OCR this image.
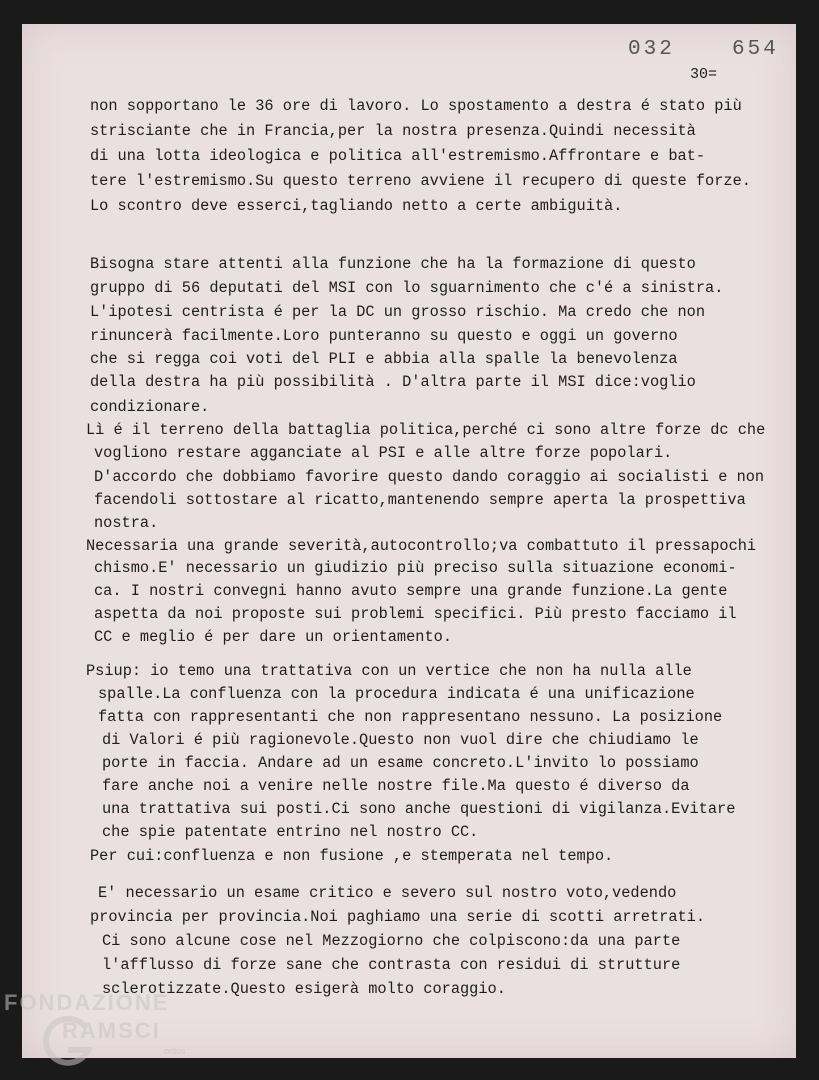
032	654
30=
non sopportano le 36 ore di lavoro. Lo spostamento a destra é stato più
strisciante che in Francia,per la nostra presenza.Quindi necessità
di una lotta ideologica e politica all'estremismo.Affrontare e bat-
tere l'estremismo.Su questo terreno avviene il recupero di queste forze.
Lo scontro deve esserci,tagliando netto a certe ambiguità.
Bisogna stare attenti alla funzione che ha la formazione di questo
gruppo di 56 deputati del MSI con lo sguarnimento che c'é a sinistra.
L'ipotesi centrista é per la DC un grosso rischio. Ma credo che non
rinuncerà facilmente.Loro punteranno su questo e oggi un governo
che si regga coi voti del PLI e abbia alla spalle la benevolenza
della destra ha più possibilità . D'altra parte il MSI dice:voglio
condizionare.
Lì é il terreno della battaglia politica,perché ci sono altre forze dc che
vogliono restare agganciate al PSI e alle altre forze popolari.
D'accordo che dobbiamo favorire questo dando coraggio ai socialisti e non
facendoli sottostare al ricatto,mantenendo sempre aperta la prospettiva
nostra.
Necessaria una grande severità,autocontrollo;va combattuto il pressapochi
chismo.E' necessario un giudizio più preciso sulla situazione economi-
ca. I nostri convegni hanno avuto sempre una grande funzione.La gente
aspetta da noi proposte sui problemi specifici. Più presto facciamo il
CC e meglio é per dare un orientamento.
Psiup: io temo una trattativa con un vertice che non ha nulla alle
spalle.La confluenza con la procedura indicata é una unificazione
fatta con rappresentanti che non rappresentano nessuno. La posizione
di Valori é più ragionevole.Questo non vuol dire che chiudiamo le
porte in faccia. Andare ad un esame concreto.L'invito lo possiamo
fare anche noi a venire nelle nostre file.Ma questo é diverso da
una trattativa sui posti.Ci sono anche questioni di vigilanza.Evitare
che spie patentate entrino nel nostro CC.
Per cui:confluenza e non fusione ,e stemperata nel tempo.
E' necessario un esame critico e severo sul nostro voto,vedendo
provincia per provincia.Noi paghiamo una serie di scotti arretrati.
Ci sono alcune cose nel Mezzogiorno che colpiscono:da una parte
l'afflusso di forze sane che contrasta con residui di strutture
sclerotizzate.Questo esigerà molto coraggio.
FONDAZIONE
RAMSCI
onlus
